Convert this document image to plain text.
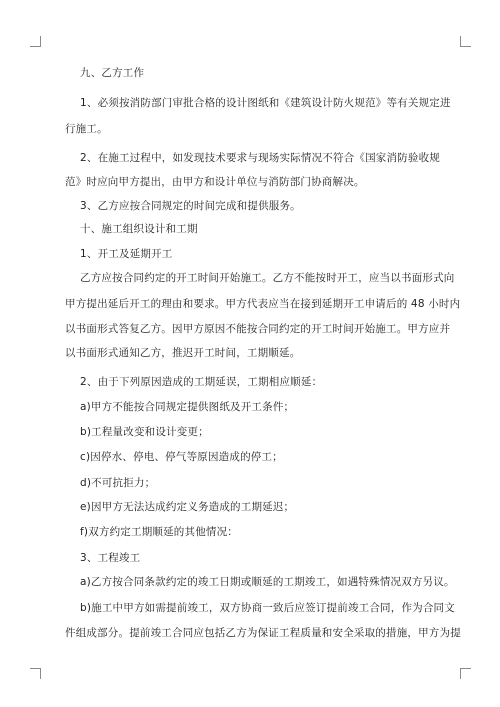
九、乙方工作
1、必须按消防部门审批合格的设计图纸和《建筑设计防火规范》等有关规定进
行施工。
2、在施工过程中，如发现技术要求与现场实际情况不符合《国家消防验收规
范》时应向甲方提出，由甲方和设计单位与消防部门协商解决。
3、乙方应按合同规定的时间完成和提供服务。
十、施工组织设计和工期
1、开工及延期开工
乙方应按合同约定的开工时间开始施工。乙方不能按时开工，应当以书面形式向
甲方提出延后开工的理由和要求。甲方代表应当在接到延期开工申请后的 48 小时内
以书面形式答复乙方。因甲方原因不能按合同约定的开工时间开始施工。甲方应并
以书面形式通知乙方，推迟开工时间，工期顺延。
2、由于下列原因造成的工期延误，工期相应顺延：
a)甲方不能按合同规定提供图纸及开工条件；
b)工程量改变和设计变更；
c)因停水、停电、停气等原因造成的停工；
d)不可抗拒力；
e)因甲方无法达成约定义务造成的工期延迟；
f)双方约定工期顺延的其他情况：
3、工程竣工
a)乙方按合同条款约定的竣工日期或顺延的工期竣工，如遇特殊情况双方另议。
b)施工中甲方如需提前竣工，双方协商一致后应签订提前竣工合同，作为合同文
件组成部分。提前竣工合同应包括乙方为保证工程质量和安全采取的措施，甲方为提
